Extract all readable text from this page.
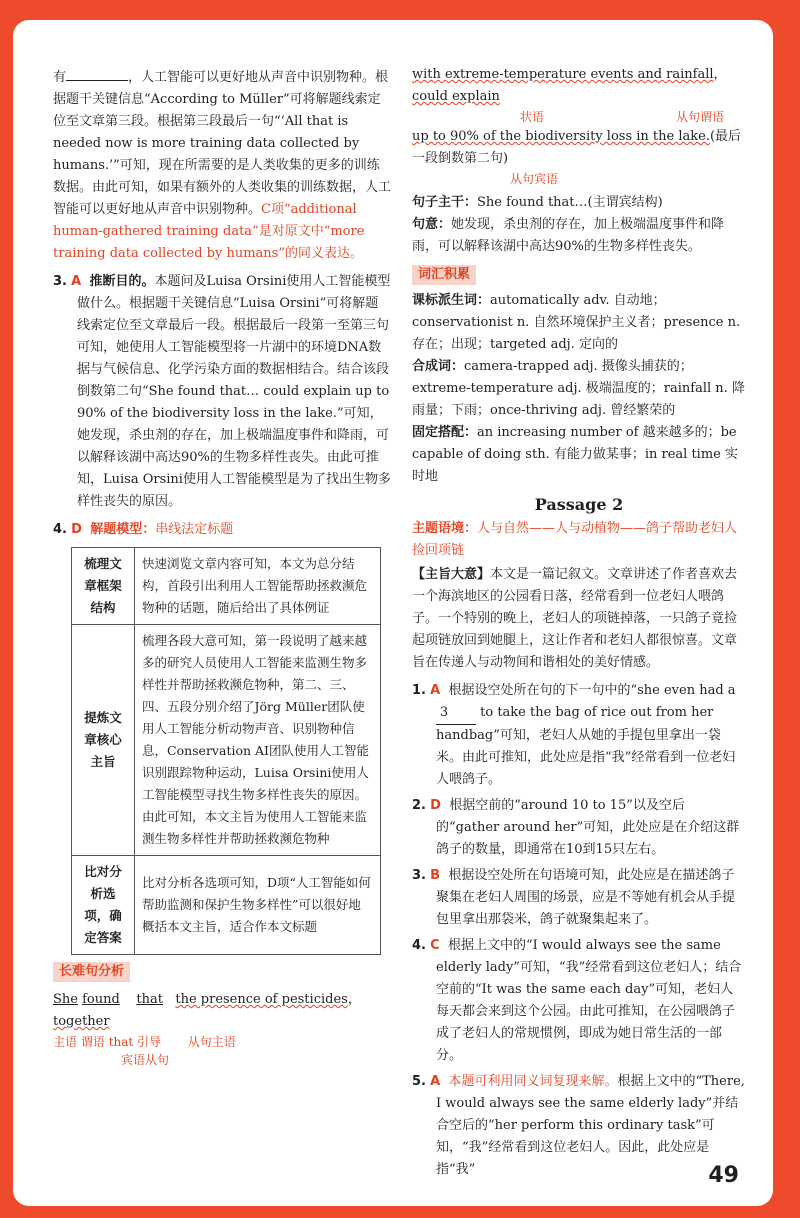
有	，人工智能可以更好地从声音中识别物种。根据题干关键信息“According to Müller”可将解题线索定位至文章第三段。根据第三段最后一句“‘All that is needed now is more training data collected by humans.’”可知，现在所需要的是人类收集的更多的训练数据。由此可知，如果有额外的人类收集的训练数据，人工智能可以更好地从声音中识别物种。C项“additional human-gathered training data”是对原文中“more training data collected by humans”的同义表达。

3. A 推断目的。本题问及Luisa Orsini使用人工智能模型做什么。根据题干关键信息“Luisa Orsini”可将解题线索定位至文章最后一段。根据最后一段第一至第三句可知，她使用人工智能模型将一片湖中的环境DNA数据与气候信息、化学污染方面的数据相结合。结合该段倒数第二句“She found that… could explain up to 90% of the biodiversity loss in the lake.”可知，她发现，杀虫剂的存在，加上极端温度事件和降雨，可以解释该湖中高达90%的生物多样性丧失。由此可推知，Luisa Orsini使用人工智能模型是为了找出生物多样性丧失的原因。

4. D 解题模型：串线法定标题

梳理文章框架结构	快速浏览文章内容可知，本文为总分结构，首段引出利用人工智能帮助拯救濒危物种的话题，随后给出了具体例证
提炼文章核心主旨	梳理各段大意可知，第一段说明了越来越多的研究人员使用人工智能来监测生物多样性并帮助拯救濒危物种，第二、三、四、五段分别介绍了Jörg Müller团队使用人工智能分析动物声音、识别物种信息，Conservation AI团队使用人工智能识别跟踪物种运动，Luisa Orsini使用人工智能模型寻找生物多样性丧失的原因。由此可知，本文主旨为使用人工智能来监测生物多样性并帮助拯救濒危物种
比对分析选项，确定答案	比对分析各选项可知，D项“人工智能如何帮助监测和保护生物多样性”可以很好地概括本文主旨，适合作本文标题

长难句分析

She found that the presence of pesticides，together

主语 谓语 that 引导 从句主语

宾语从句

with extreme-temperature events and rainfall，could explain

状语	从句谓语

up to 90% of the biodiversity loss in the lake.(最后一段倒数第二句)

从句宾语

句子主干：She found that…(主谓宾结构)

句意：她发现，杀虫剂的存在，加上极端温度事件和降雨，可以解释该湖中高达90%的生物多样性丧失。

词汇积累

课标派生词：automatically adv. 自动地；conservationist n. 自然环境保护主义者；presence n. 存在；出现；targeted adj. 定向的

合成词：camera-trapped adj. 摄像头捕获的；extreme-temperature adj. 极端温度的；rainfall n. 降雨量；下雨；once-thriving adj. 曾经繁荣的

固定搭配：an increasing number of 越来越多的；be capable of doing sth. 有能力做某事；in real time 实时地

Passage 2

主题语境：人与自然——人与动植物——鸽子帮助老妇人捡回项链

【主旨大意】本文是一篇记叙文。文章讲述了作者喜欢去一个海滨地区的公园看日落，经常看到一位老妇人喂鸽子。一个特别的晚上，老妇人的项链掉落，一只鸽子竟捡起项链放回到她腿上，这让作者和老妇人都很惊喜。文章旨在传递人与动物间和谐相处的美好情感。

1. A 根据设空处所在句的下一句中的“she even had a 3 to take the bag of rice out from her handbag”可知，老妇人从她的手提包里拿出一袋米。由此可推知，此处应是指“我”经常看到一位老妇人喂鸽子。

2. D 根据空前的“around 10 to 15”以及空后的“gather around her”可知，此处应是在介绍这群鸽子的数量，即通常在10到15只左右。

3. B 根据设空处所在句语境可知，此处应是在描述鸽子聚集在老妇人周围的场景，应是不等她有机会从手提包里拿出那袋米，鸽子就聚集起来了。

4. C 根据上文中的“I would always see the same elderly lady”可知，“我”经常看到这位老妇人；结合空前的“It was the same each day”可知，老妇人每天都会来到这个公园。由此可推知，在公园喂鸽子成了老妇人的常规惯例，即成为她日常生活的一部分。

5. A 本题可利用同义词复现来解。根据上文中的“There, I would always see the same elderly lady”并结合空后的“her perform this ordinary task”可知，“我”经常看到这位老妇人。因此，此处应是指“我”	49
